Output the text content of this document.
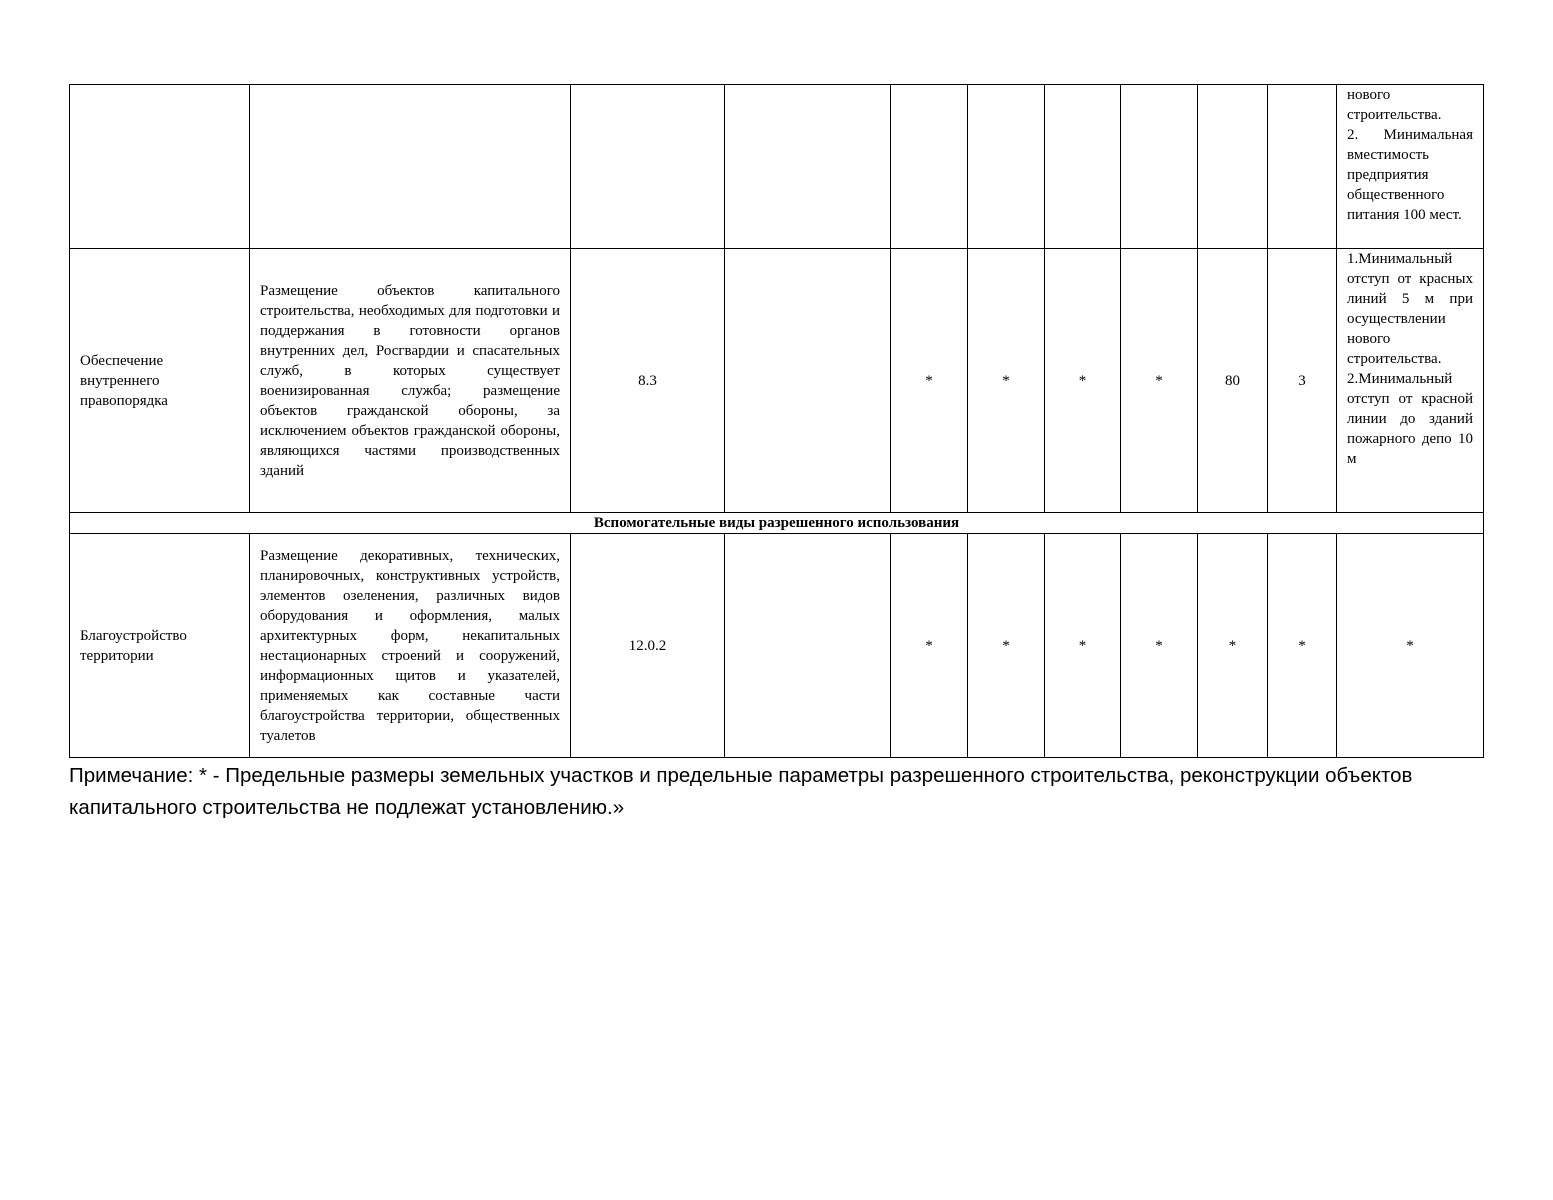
										нового строительства.

2. Минимальная вместимость предприятия общественного питания 100 мест.

Обеспечение внутреннего правопорядка	Размещение объектов капитального строительства, необходимых для подготовки и поддержания в готовности органов внутренних дел, Росгвардии и спасательных служб, в которых существует военизированная служба; размещение объектов гражданской обороны, за исключением объектов гражданской обороны, являющихся частями производственных зданий	8.3		*	*	*	*	80	3	1.Минимальный отступ от красных линий 5 м при осуществлении нового строительства.

2.Минимальный отступ от красной линии до зданий пожарного депо 10 м

Вспомогательные виды разрешенного использования										
Благоустройство территории	Размещение декоративных, технических, планировочных, конструктивных устройств, элементов озеленения, различных видов оборудования и оформления, малых архитектурных форм, некапитальных нестационарных строений и сооружений, информационных щитов и указателей, применяемых как составные части благоустройства территории, общественных туалетов	12.0.2		*	*	*	*	*	*	*
Примечание: * - Предельные размеры земельных участков и предельные параметры разрешенного строительства, реконструкции объектов капитального строительства не подлежат установлению.»
